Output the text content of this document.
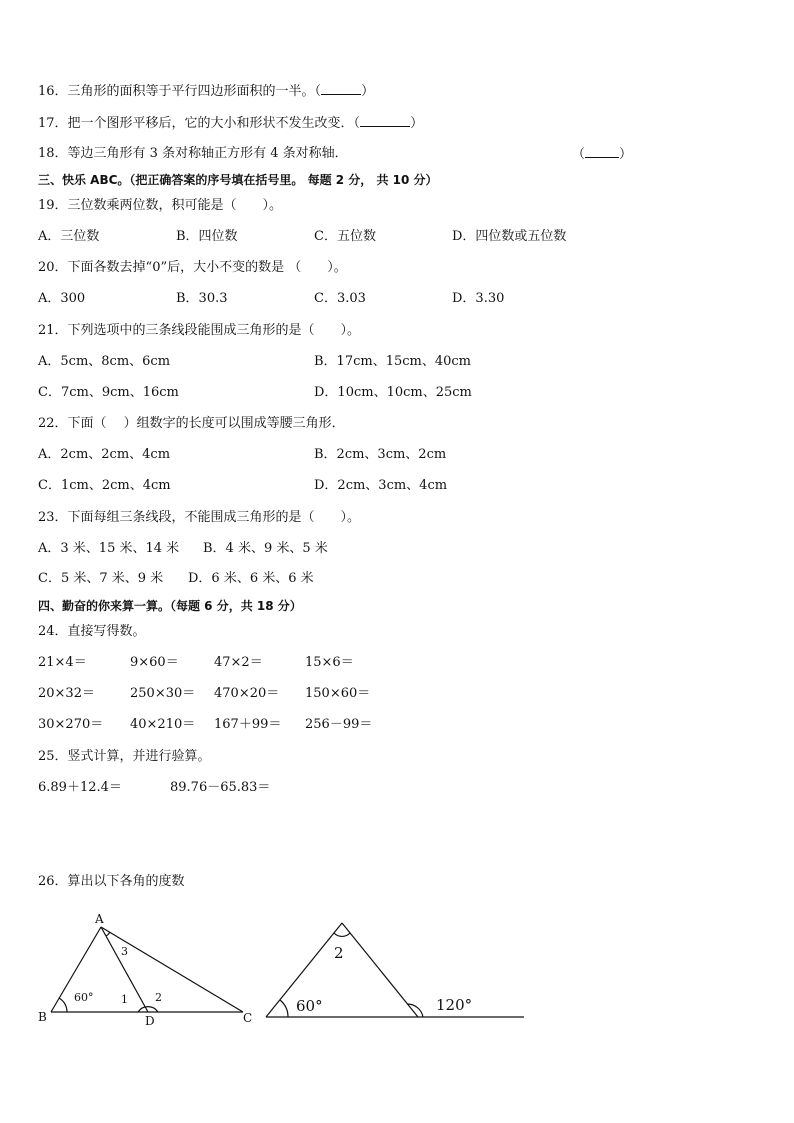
16．三角形的面积等于平行四边形面积的一半。（	）
17．把一个图形平移后，它的大小和形状不发生改变．（	）
18．等边三角形有 3 条对称轴正方形有 4 条对称轴．	（	）
三、快乐 ABC。（把正确答案的序号填在括号里。 每题 2 分， 共 10 分）
19．三位数乘两位数，积可能是（　　）。
A．三位数	B．四位数	C．五位数	D．四位数或五位数
20．下面各数去掉“0”后，大小不变的数是 （　　）。
A．300	B．30.3	C．3.03	D．3.30
21．下列选项中的三条线段能围成三角形的是（　　）。
A．5cm、8cm、6cm	B．17cm、15cm、40cm
C．7cm、9cm、16cm	D．10cm、10cm、25cm
22．下面（　 ）组数字的长度可以围成等腰三角形．
A．2cm、2cm、4cm	B．2cm、3cm、2cm
C．1cm、2cm、4cm	D．2cm、3cm、4cm
23．下面每组三条线段，不能围成三角形的是（　　）。
A．3 米、15 米、14 米 B．4 米、9 米、5 米
C．5 米、7 米、9 米 D．6 米、6 米、6 米
四、勤奋的你来算一算。（每题 6 分，共 18 分）
24．直接写得数。
21×4＝	9×60＝	47×2＝	15×6＝
20×32＝	250×30＝ 470×20＝ 150×60＝
30×270＝ 40×210＝ 167＋99＝ 256－99＝
25．竖式计算，并进行验算。
6.89＋12.4＝	89.76－65.83＝
26．算出以下各角的度数
A
B	C
D
60°	1 2
3
60°
2
120°
